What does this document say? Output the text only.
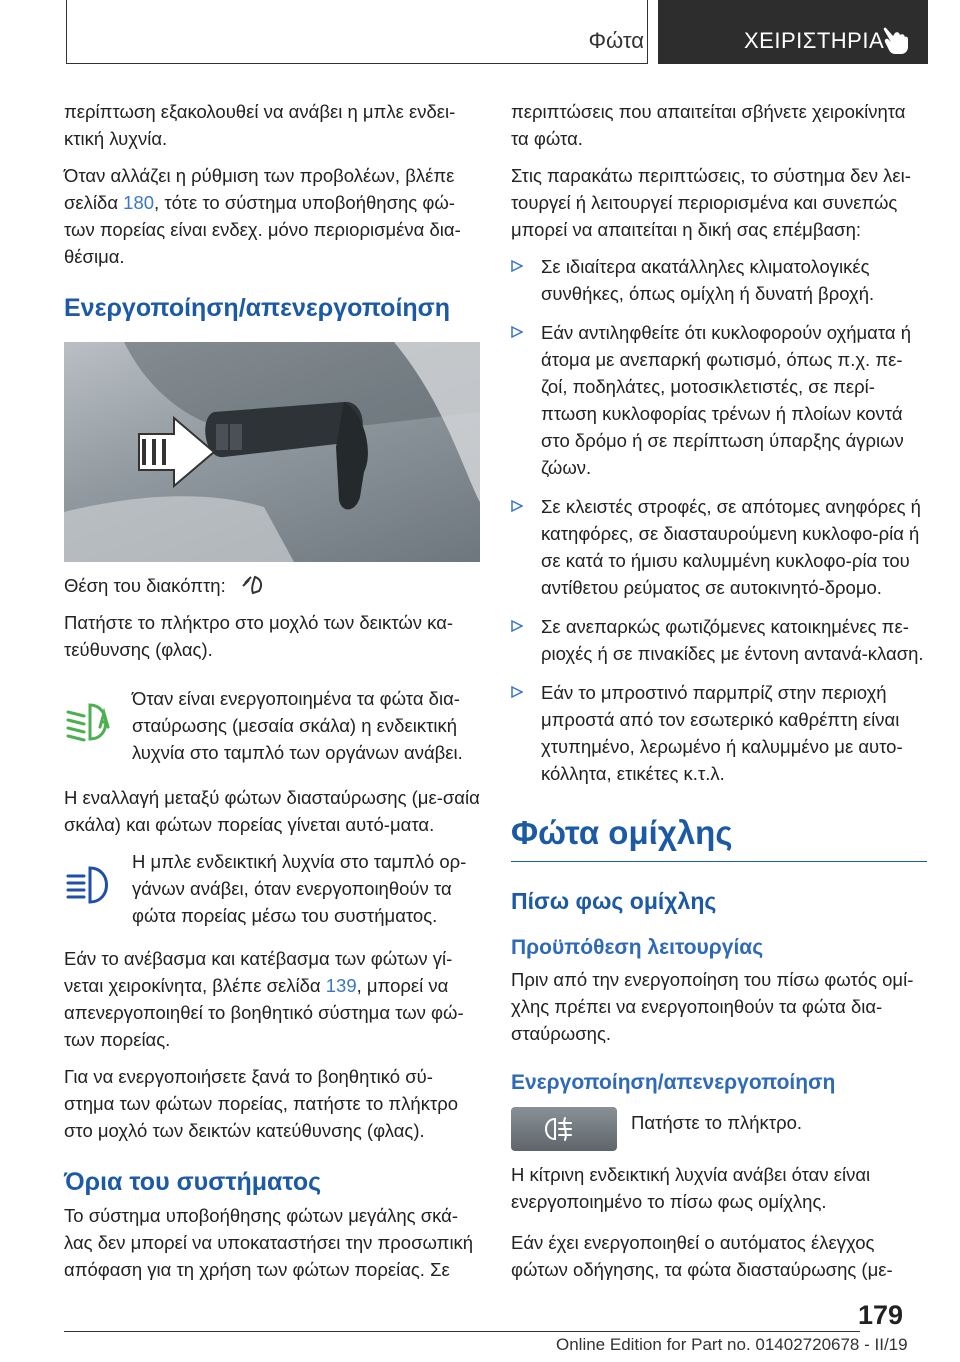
Φώτα	ΧΕΙΡΙΣΤΗΡΙΑ

περίπτωση εξακολουθεί να ανάβει η μπλε ενδει-κτική λυχνία.

Όταν αλλάζει η ρύθμιση των προβολέων, βλέπε σελίδα 180, τότε το σύστημα υποβοήθησης φώ-των πορείας είναι ενδεχ. μόνο περιορισμένα δια-θέσιμα.

Ενεργοποίηση/απενεργοποίηση

Θέση του διακόπτη:

Πατήστε το πλήκτρο στο μοχλό των δεικτών κα-τεύθυνσης (φλας).

Όταν είναι ενεργοποιημένα τα φώτα δια-σταύρωσης (μεσαία σκάλα) η ενδεικτική λυχνία στο ταμπλό των οργάνων ανάβει.

Η εναλλαγή μεταξύ φώτων διασταύρωσης (με-σαία σκάλα) και φώτων πορείας γίνεται αυτό-ματα.

Η μπλε ενδεικτική λυχνία στο ταμπλό ορ-γάνων ανάβει, όταν ενεργοποιηθούν τα φώτα πορείας μέσω του συστήματος.

Εάν το ανέβασμα και κατέβασμα των φώτων γί-νεται χειροκίνητα, βλέπε σελίδα 139, μπορεί να απενεργοποιηθεί το βοηθητικό σύστημα των φώ-των πορείας.

Για να ενεργοποιήσετε ξανά το βοηθητικό σύ-στημα των φώτων πορείας, πατήστε το πλήκτρο στο μοχλό των δεικτών κατεύθυνσης (φλας).

Όρια του συστήματος

Το σύστημα υποβοήθησης φώτων μεγάλης σκά-λας δεν μπορεί να υποκαταστήσει την προσωπική απόφαση για τη χρήση των φώτων πορείας. Σε

περιπτώσεις που απαιτείται σβήνετε χειροκίνητα τα φώτα.

Στις παρακάτω περιπτώσεις, το σύστημα δεν λει-τουργεί ή λειτουργεί περιορισμένα και συνεπώς μπορεί να απαιτείται η δική σας επέμβαση:

Σε ιδιαίτερα ακατάλληλες κλιματολογικές συνθήκες, όπως ομίχλη ή δυνατή βροχή.
Εάν αντιληφθείτε ότι κυκλοφορούν οχήματα ή άτομα με ανεπαρκή φωτισμό, όπως π.χ. πε-ζοί, ποδηλάτες, μοτοσικλετιστές, σε περί-πτωση κυκλοφορίας τρένων ή πλοίων κοντά στο δρόμο ή σε περίπτωση ύπαρξης άγριων ζώων.
Σε κλειστές στροφές, σε απότομες ανηφόρες ή κατηφόρες, σε διασταυρούμενη κυκλοφο-ρία ή σε κατά το ήμισυ καλυμμένη κυκλοφο-ρία του αντίθετου ρεύματος σε αυτοκινητό-δρομο.
Σε ανεπαρκώς φωτιζόμενες κατοικημένες πε-ριοχές ή σε πινακίδες με έντονη αντανά-κλαση.
Εάν το μπροστινό παρμπρίζ στην περιοχή μπροστά από τον εσωτερικό καθρέπτη είναι χτυπημένο, λερωμένο ή καλυμμένο με αυτο-κόλλητα, ετικέτες κ.τ.λ.
Φώτα ομίχλης
Πίσω φως ομίχλης
Προϋπόθεση λειτουργίας

Πριν από την ενεργοποίηση του πίσω φωτός ομί-χλης πρέπει να ενεργοποιηθούν τα φώτα δια-σταύρωσης.

Ενεργοποίηση/απενεργοποίηση
Πατήστε το πλήκτρο.

Η κίτρινη ενδεικτική λυχνία ανάβει όταν είναι ενεργοποιημένο το πίσω φως ομίχλης.

Εάν έχει ενεργοποιηθεί ο αυτόματος έλεγχος φώτων οδήγησης, τα φώτα διασταύρωσης (με-

179
Online Edition for Part no. 01402720678 - II/19
